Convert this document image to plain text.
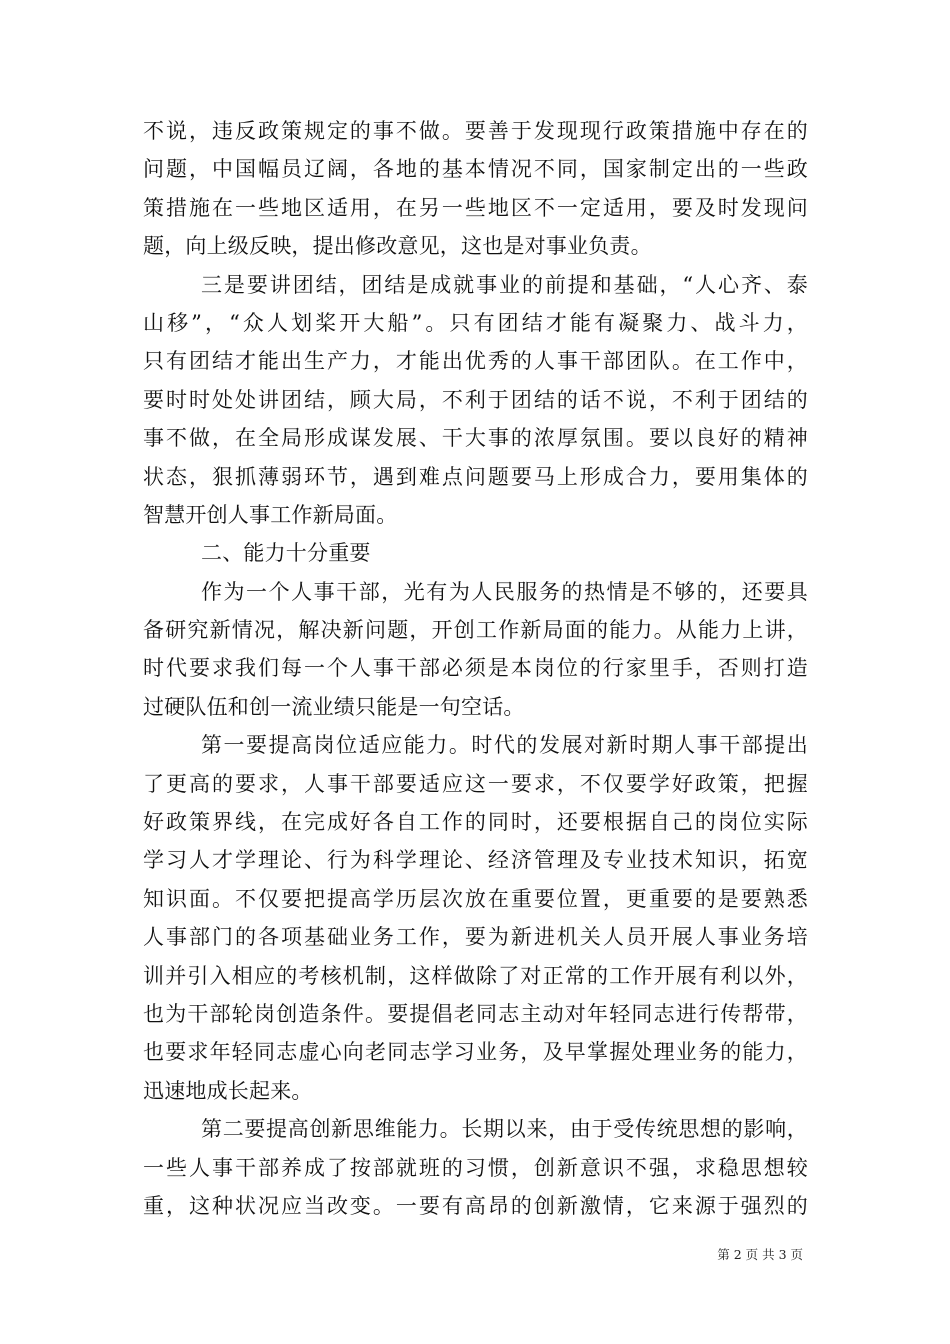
不说，违反政策规定的事不做。要善于发现现行政策措施中存在的
问题，中国幅员辽阔，各地的基本情况不同，国家制定出的一些政
策措施在一些地区适用，在另一些地区不一定适用，要及时发现问
题，向上级反映，提出修改意见，这也是对事业负责。
三是要讲团结，团结是成就事业的前提和基础，“人心齐、泰
山移”，“众人划桨开大船”。只有团结才能有凝聚力、战斗力，
只有团结才能出生产力，才能出优秀的人事干部团队。在工作中，
要时时处处讲团结，顾大局，不利于团结的话不说，不利于团结的
事不做，在全局形成谋发展、干大事的浓厚氛围。要以良好的精神
状态，狠抓薄弱环节，遇到难点问题要马上形成合力，要用集体的
智慧开创人事工作新局面。
二、能力十分重要
作为一个人事干部，光有为人民服务的热情是不够的，还要具
备研究新情况，解决新问题，开创工作新局面的能力。从能力上讲，
时代要求我们每一个人事干部必须是本岗位的行家里手，否则打造
过硬队伍和创一流业绩只能是一句空话。
第一要提高岗位适应能力。时代的发展对新时期人事干部提出
了更高的要求，人事干部要适应这一要求，不仅要学好政策，把握
好政策界线，在完成好各自工作的同时，还要根据自己的岗位实际
学习人才学理论、行为科学理论、经济管理及专业技术知识，拓宽
知识面。不仅要把提高学历层次放在重要位置，更重要的是要熟悉
人事部门的各项基础业务工作，要为新进机关人员开展人事业务培
训并引入相应的考核机制，这样做除了对正常的工作开展有利以外，
也为干部轮岗创造条件。要提倡老同志主动对年轻同志进行传帮带，
也要求年轻同志虚心向老同志学习业务，及早掌握处理业务的能力，
迅速地成长起来。
第二要提高创新思维能力。长期以来，由于受传统思想的影响，
一些人事干部养成了按部就班的习惯，创新意识不强，求稳思想较
重，这种状况应当改变。一要有高昂的创新激情，它来源于强烈的
第 2 页 共 3 页
